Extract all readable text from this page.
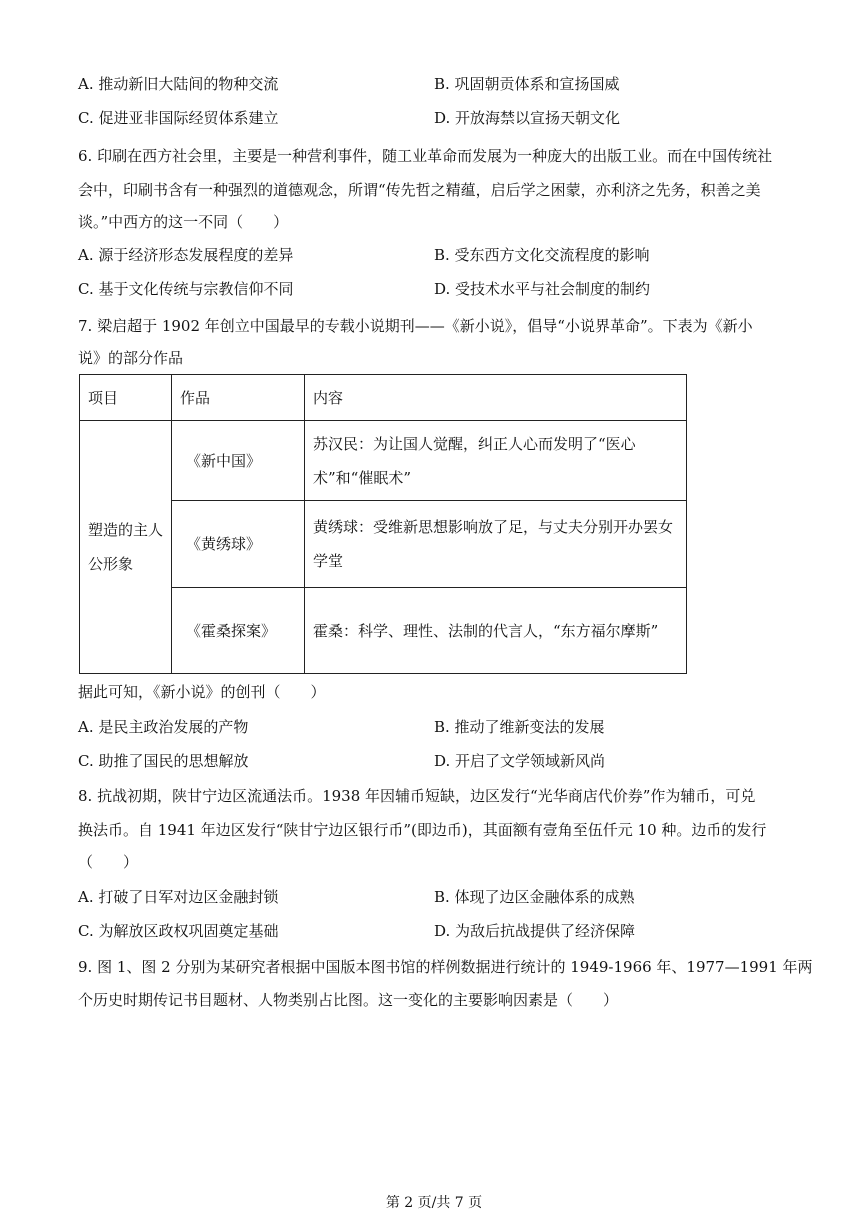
A. 推动新旧大陆间的物种交流	B. 巩固朝贡体系和宣扬国威
C. 促进亚非国际经贸体系建立	D. 开放海禁以宣扬天朝文化
6. 印刷在西方社会里，主要是一种营利事件，随工业革命而发展为一种庞大的出版工业。而在中国传统社
会中，印刷书含有一种强烈的道德观念，所谓“传先哲之精蕴，启后学之困蒙，亦利济之先务，积善之美
谈。”中西方的这一不同（　　）
A. 源于经济形态发展程度的差异	B. 受东西方文化交流程度的影响
C. 基于文化传统与宗教信仰不同	D. 受技术水平与社会制度的制约
7. 梁启超于 1902 年创立中国最早的专载小说期刊——《新小说》，倡导“小说界革命”。下表为《新小
说》的部分作品
项目	作品	内容
塑造的主人公形象	《新中国》	苏汉民：为让国人觉醒，纠正人心而发明了“医心术”和“催眠术”
	《黄绣球》	黄绣球：受维新思想影响放了足，与丈夫分别开办罢女学堂
	《霍桑探案》	霍桑：科学、理性、法制的代言人，“东方福尔摩斯”
据此可知，《新小说》的创刊（　　）
A. 是民主政治发展的产物	B. 推动了维新变法的发展
C. 助推了国民的思想解放	D. 开启了文学领域新风尚
8. 抗战初期，陕甘宁边区流通法币。1938 年因辅币短缺，边区发行“光华商店代价券”作为辅币，可兑
换法币。自 1941 年边区发行“陕甘宁边区银行币”(即边币)，其面额有壹角至伍仟元 10 种。边币的发行
（　　）
A. 打破了日军对边区金融封锁	B. 体现了边区金融体系的成熟
C. 为解放区政权巩固奠定基础	D. 为敌后抗战提供了经济保障
9. 图 1、图 2 分别为某研究者根据中国版本图书馆的样例数据进行统计的 1949-1966 年、1977—1991 年两
个历史时期传记书目题材、人物类别占比图。这一变化的主要影响因素是（　　）
第 2 页/共 7 页
